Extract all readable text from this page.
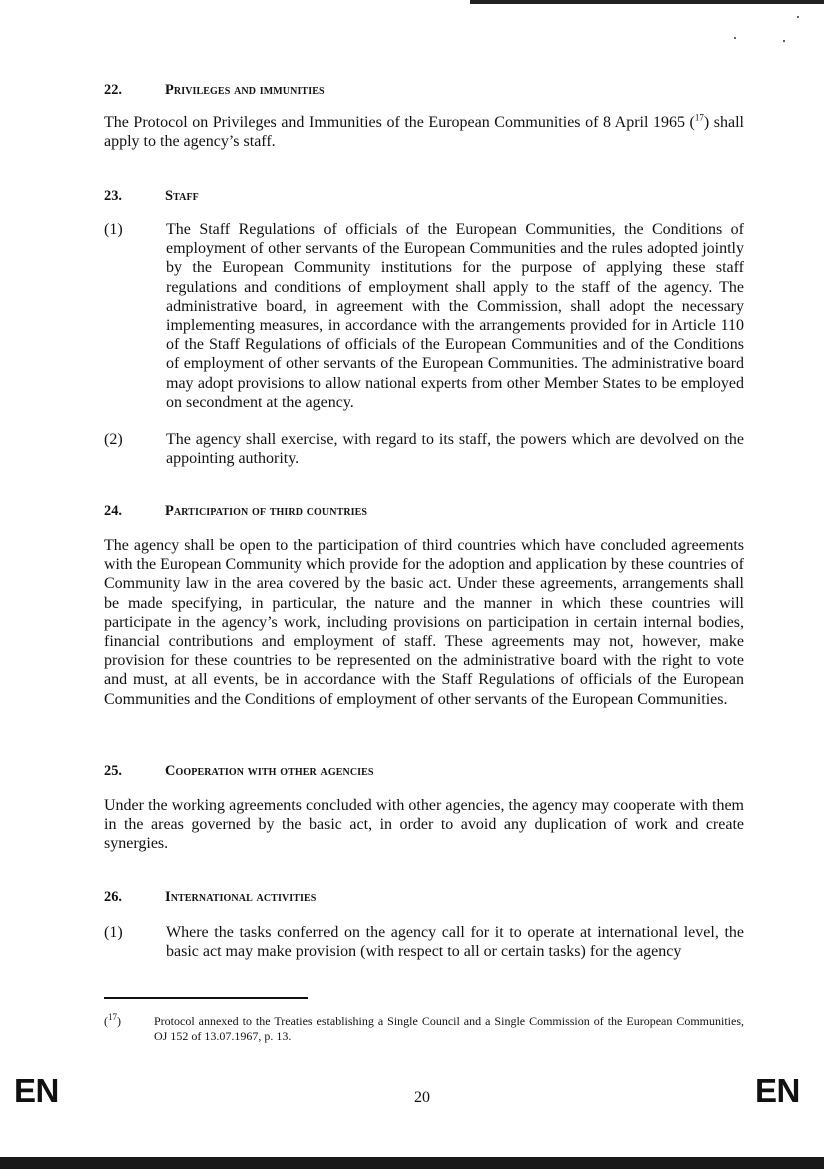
22.	Privileges and immunities

The Protocol on Privileges and Immunities of the European Communities of 8 April 1965 ($^{17}$) shall apply to the agency’s staff.

23.	Staff
(1)	The Staff Regulations of officials of the European Communities, the Conditions of employment of other servants of the European Communities and the rules adopted jointly by the European Community institutions for the purpose of applying these staff regulations and conditions of employment shall apply to the staff of the agency. The administrative board, in agreement with the Commission, shall adopt the necessary implementing measures, in accordance with the arrangements provided for in Article 110 of the Staff Regulations of officials of the European Communities and of the Conditions of employment of other servants of the European Communities. The administrative board may adopt provisions to allow national experts from other Member States to be employed on secondment at the agency.

(2)	The agency shall exercise, with regard to its staff, the powers which are devolved on the appointing authority.

24.	Participation of third countries

The agency shall be open to the participation of third countries which have concluded agreements with the European Community which provide for the adoption and application by these countries of Community law in the area covered by the basic act. Under these agreements, arrangements shall be made specifying, in particular, the nature and the manner in which these countries will participate in the agency’s work, including provisions on participation in certain internal bodies, financial contributions and employment of staff. These agreements may not, however, make provision for these countries to be represented on the administrative board with the right to vote and must, at all events, be in accordance with the Staff Regulations of officials of the European Communities and the Conditions of employment of other servants of the European Communities.

25.	Cooperation with other agencies

Under the working agreements concluded with other agencies, the agency may cooperate with them in the areas governed by the basic act, in order to avoid any duplication of work and create synergies.

26.	International activities
(1)	Where the tasks conferred on the agency call for it to operate at international level, the basic act may make provision (with respect to all or certain tasks) for the agency

($^{17}$)	Protocol annexed to the Treaties establishing a Single Council and a Single Commission of the European Communities, OJ 152 of 13.07.1967, p. 13.

EN	20	EN
